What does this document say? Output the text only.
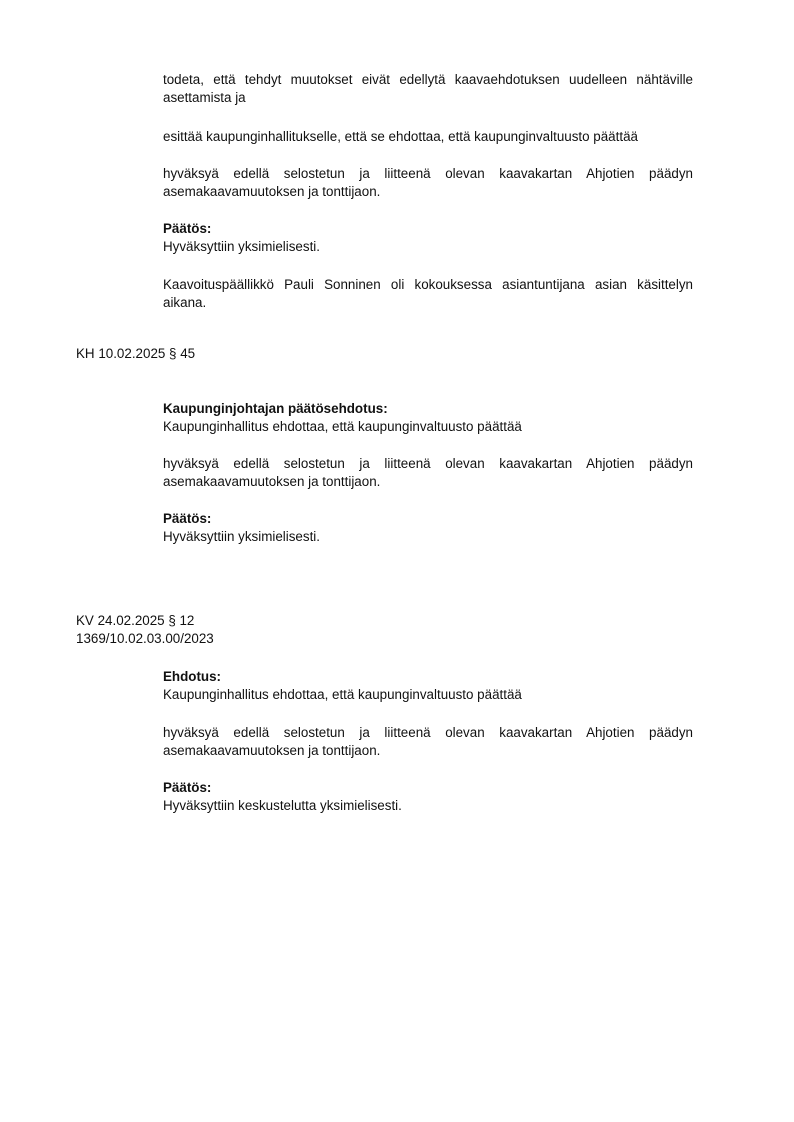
todeta, että tehdyt muutokset eivät edellytä kaavaehdotuksen uudelleen nähtäville asettamista ja

esittää kaupunginhallitukselle, että se ehdottaa, että kaupunginvaltuusto päättää

hyväksyä edellä selostetun ja liitteenä olevan kaavakartan Ahjotien päädyn asemakaavamuutoksen ja tonttijaon.

Päätös:
Hyväksyttiin yksimielisesti.

Kaavoituspäällikkö Pauli Sonninen oli kokouksessa asiantuntijana asian käsittelyn aikana.

KH 10.02.2025 § 45

Kaupunginjohtajan päätösehdotus:
Kaupunginhallitus ehdottaa, että kaupunginvaltuusto päättää

hyväksyä edellä selostetun ja liitteenä olevan kaavakartan Ahjotien päädyn asemakaavamuutoksen ja tonttijaon.

Päätös:
Hyväksyttiin yksimielisesti.
KV 24.02.2025 § 12
1369/10.02.03.00/2023
Ehdotus:
Kaupunginhallitus ehdottaa, että kaupunginvaltuusto päättää

hyväksyä edellä selostetun ja liitteenä olevan kaavakartan Ahjotien päädyn asemakaavamuutoksen ja tonttijaon.

Päätös:
Hyväksyttiin keskustelutta yksimielisesti.
